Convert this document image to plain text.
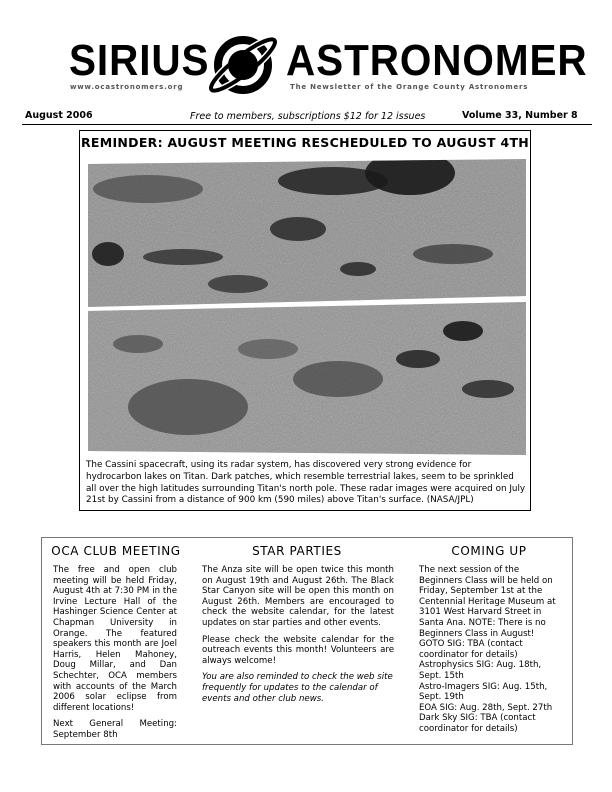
SIRIUS ASTRONOMER
www.ocastronomers.org	The Newsletter of the Orange County Astronomers
August 2006	Free to members, subscriptions $12 for 12 issues	Volume 33, Number 8
REMINDER: AUGUST MEETING RESCHEDULED TO AUGUST 4TH
The Cassini spacecraft, using its radar system, has discovered very strong evidence for hydrocarbon lakes on Titan. Dark patches, which resemble terrestrial lakes, seem to be sprinkled all over the high latitudes surrounding Titan's north pole. These radar images were acquired on July 21st by Cassini from a distance of 900 km (590 miles) above Titan's surface. (NASA/JPL)
OCA CLUB MEETING

The free and open club meeting will be held Friday, August 4th at 7:30 PM in the Irvine Lecture Hall of the Hashinger Science Center at Chapman University in Orange. The featured speakers this month are Joel Harris, Helen Mahoney, Doug Millar, and Dan Schechter, OCA members with accounts of the March 2006 solar eclipse from different locations!

Next General Meeting: September 8th

STAR PARTIES

The Anza site will be open twice this month on August 19th and August 26th. The Black Star Canyon site will be open this month on August 26th. Members are encouraged to check the website calendar, for the latest updates on star parties and other events.

Please check the website calendar for the outreach events this month! Volunteers are always welcome!

You are also reminded to check the web site frequently for updates to the calendar of events and other club news.

COMING UP
The next session of the Beginners Class will be held on Friday, September 1st at the Centennial Heritage Museum at 3101 West Harvard Street in Santa Ana. NOTE: There is no Beginners Class in August!
GOTO SIG: TBA (contact coordinator for details)
Astrophysics SIG: Aug. 18th, Sept. 15th
Astro-Imagers SIG: Aug. 15th, Sept. 19th
EOA SIG: Aug. 28th, Sept. 27th
Dark Sky SIG: TBA (contact coordinator for details)
